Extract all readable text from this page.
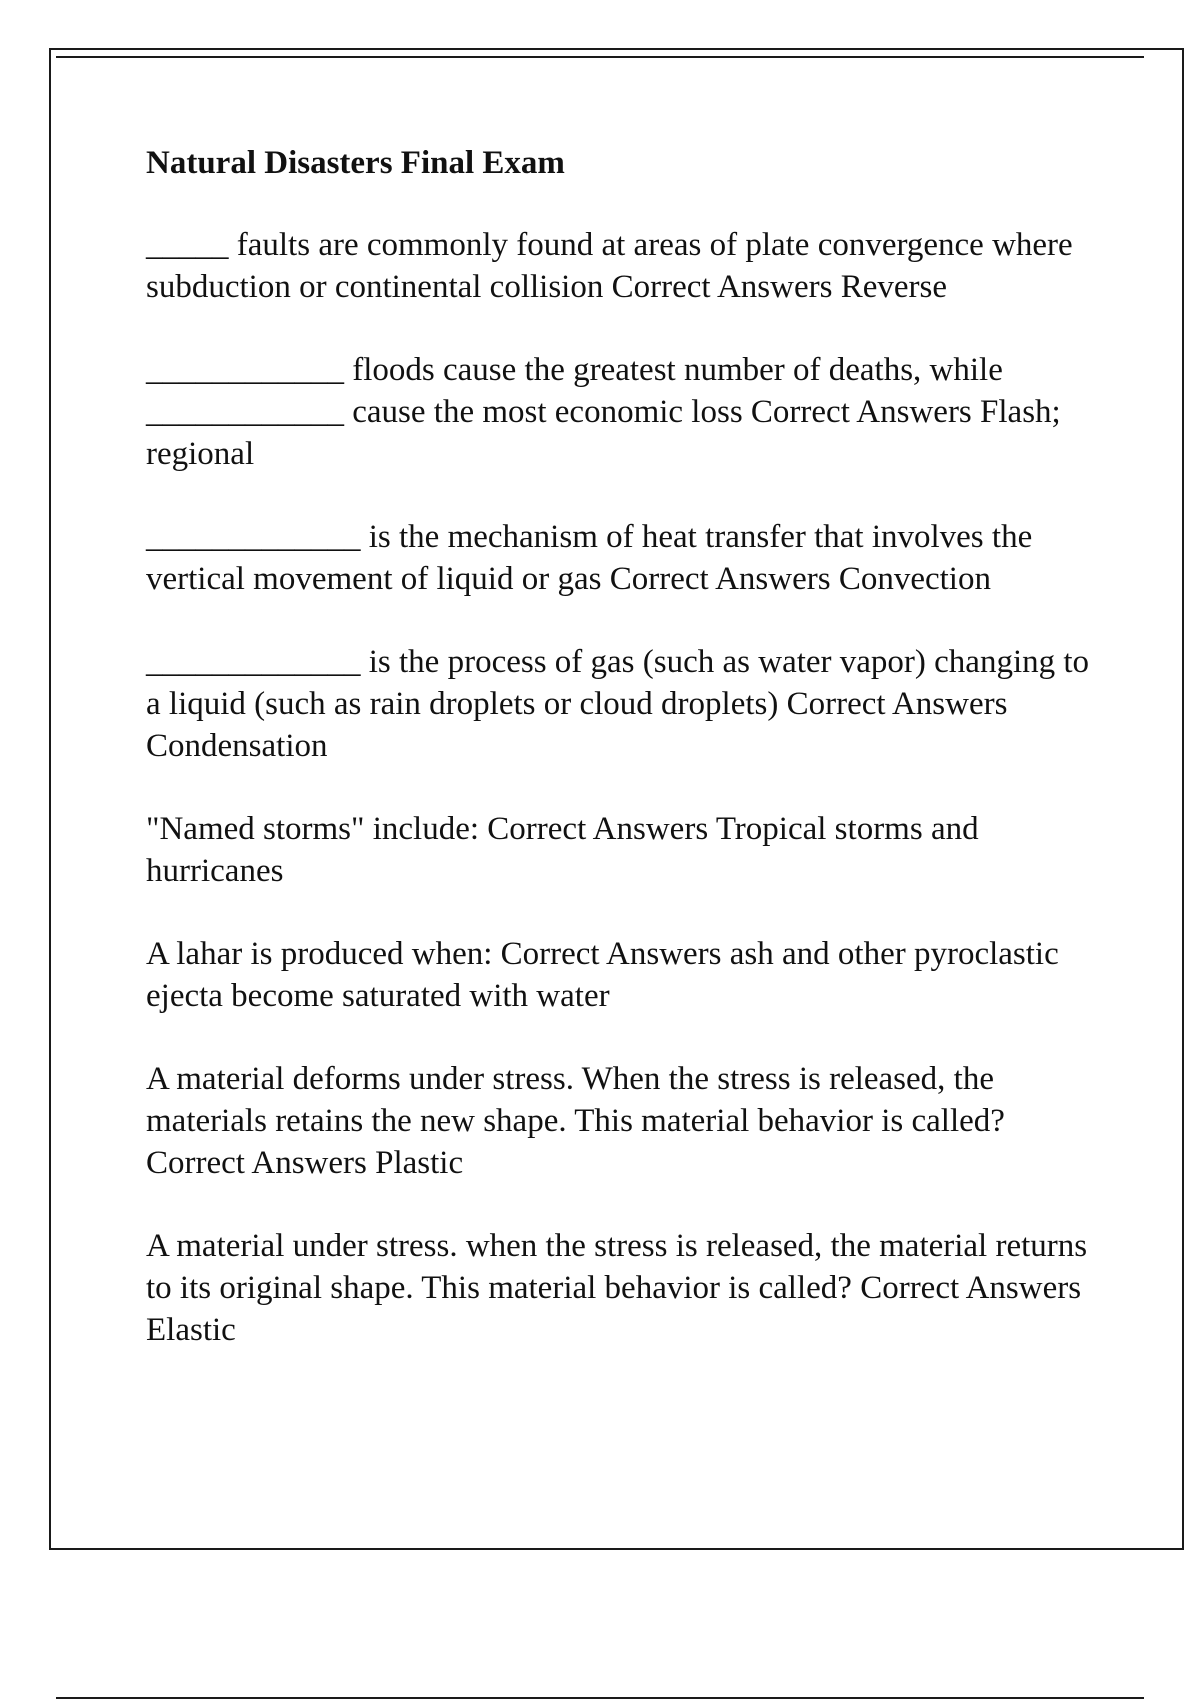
Natural Disasters Final Exam

_____ faults are commonly found at areas of plate convergence where subduction or continental collision Correct Answers Reverse

____________ floods cause the greatest number of deaths, while ____________ cause the most economic loss Correct Answers Flash; regional

_____________ is the mechanism of heat transfer that involves the vertical movement of liquid or gas Correct Answers Convection

_____________ is the process of gas (such as water vapor) changing to a liquid (such as rain droplets or cloud droplets) Correct Answers Condensation

"Named storms" include: Correct Answers Tropical storms and hurricanes

A lahar is produced when: Correct Answers ash and other pyroclastic ejecta become saturated with water

A material deforms under stress. When the stress is released, the materials retains the new shape. This material behavior is called? Correct Answers Plastic

A material under stress. when the stress is released, the material returns to its original shape. This material behavior is called? Correct Answers Elastic
